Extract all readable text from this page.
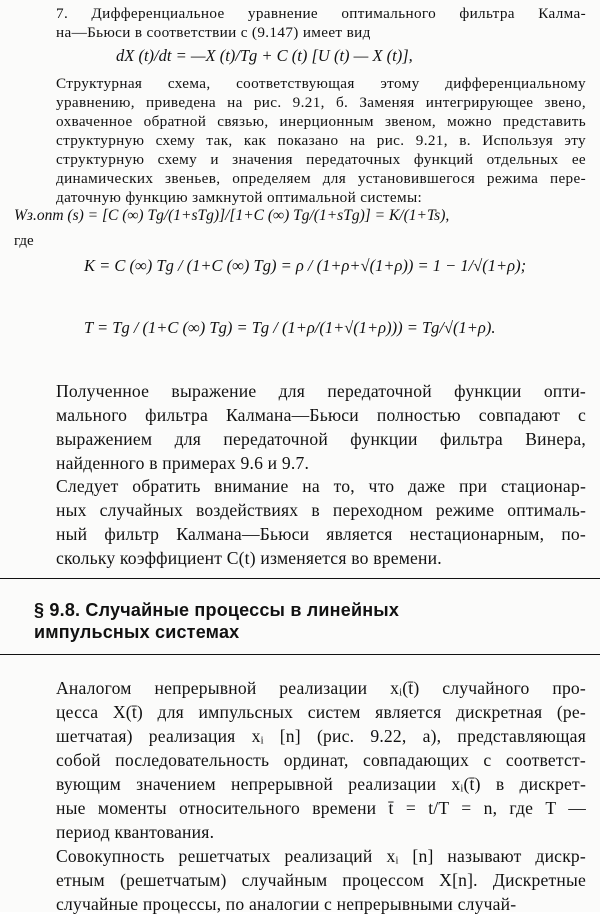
7. Дифференциальное уравнение оптимального фильтра Калма-
на—Бьюси в соответствии с (9.147) имеет вид
dX (t)/dt = —X (t)/Tg + C (t) [U (t) — X (t)],
Структурная схема, соответствующая этому дифференциальному
уравнению, приведена на рис. 9.21, б. Заменяя интегрирующее звено,
охваченное обратной связью, инерционным звеном, можно представить
структурную схему так, как показано на рис. 9.21, в. Используя эту
структурную схему и значения передаточных функций отдельных ее
динамических звеньев, определяем для установившегося режима пере-
даточную функцию замкнутой оптимальной системы:
Wз.опт (s) = [C (∞) Tg/(1+sTg)]/[1+C (∞) Tg/(1+sTg)] = K/(1+Ts),
где
K = C (∞) Tg / (1+C (∞) Tg) = ρ / (1+ρ+√(1+ρ)) = 1 − 1/√(1+ρ);
T = Tg / (1+C (∞) Tg) = Tg / (1+ρ/(1+√(1+ρ))) = Tg/√(1+ρ).
Полученное выражение для передаточной функции опти-
мального фильтра Калмана—Бьюси полностью совпадают с
выражением для передаточной функции фильтра Винера,
найденного в примерах 9.6 и 9.7.
Следует обратить внимание на то, что даже при стационар-
ных случайных воздействиях в переходном режиме оптималь-
ный фильтр Калмана—Бьюси является нестационарным, по-
скольку коэффициент C(t) изменяется во времени.
§ 9.8. Случайные процессы в линейных
импульсных системах
Аналогом непрерывной реализации xᵢ(t̄) случайного про-
цесса X(t̄) для импульсных систем является дискретная (ре-
шетчатая) реализация xᵢ [n] (рис. 9.22, а), представляющая
собой последовательность ординат, совпадающих с соответст-
вующим значением непрерывной реализации xᵢ(t̄) в дискрет-
ные моменты относительного времени t̄ = t/T = n, где T —
период квантования.
Совокупность решетчатых реализаций xᵢ [n] называют дискр-
етным (решетчатым) случайным процессом X[n]. Дискретные
случайные процессы, по аналогии с непрерывными случай-
